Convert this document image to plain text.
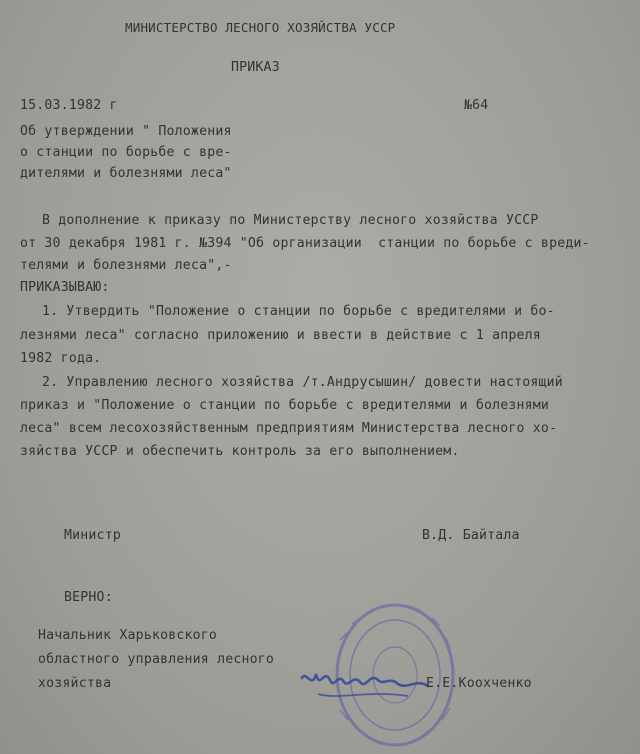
МИНИСТЕРСТВО ЛЕСНОГО ХОЗЯЙСТВА УССР
ПРИКАЗ
15.03.1982 г	№64
Об утверждении " Положения
о станции по борьбе с вре-
дителями и болезнями леса"
В дополнение к приказу по Министерству лесного хозяйства УССР
от 30 декабря 1981 г. №394 "Об организации  станции по борьбе с вреди-
телями и болезнями леса",-
ПРИКАЗЫВАЮ:
1. Утвердить "Положение о станции по борьбе с вредителями и бо-
лезнями леса" согласно приложению и ввести в действие с 1 апреля
1982 года.
2. Управлению лесного хозяйства /т.Андрусышин/ довести настоящий
приказ и "Положение о станции по борьбе с вредителями и болезнями
леса" всем лесохозяйственным предприятиям Министерства лесного хо-
зяйства УССР и обеспечить контроль за его выполнением.
Министр	В.Д. Байтала
ВЕРНО:
Начальник Харьковского
областного управления лесного
хозяйства	Е.Е.Коохченко
